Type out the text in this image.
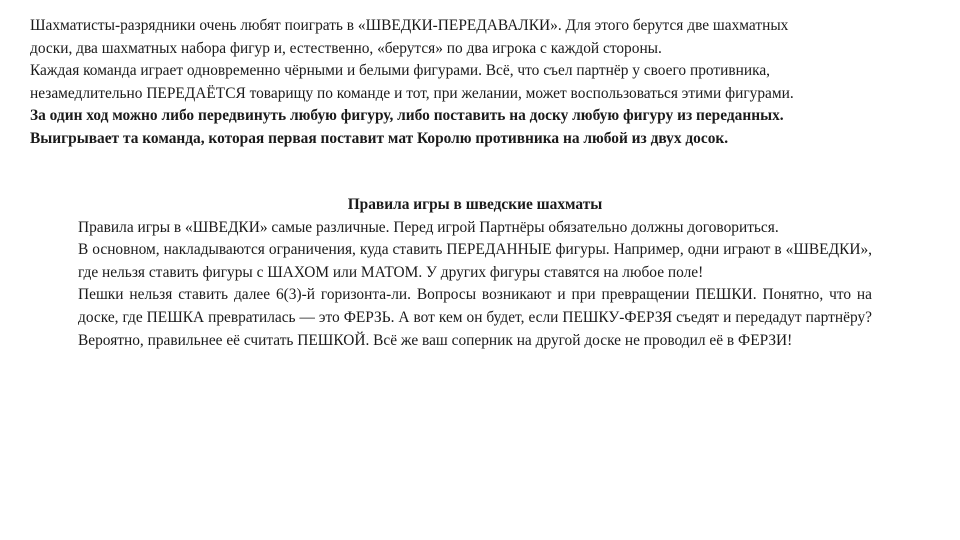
Шахматисты-разрядники очень любят поиграть в «ШВЕДКИ-ПЕРЕДАВАЛКИ». Для этого берутся две шахматных

доски, два шахматных набора фигур и, естественно, «берутся» по два игрока с каждой стороны.

Каждая команда играет одновременно чёрными и белыми фигурами. Всё, что съел партнёр у своего противника,

незамедлительно ПЕРЕДАЁТСЯ товарищу по команде и тот, при желании, может воспользоваться этими фигурами.

За один ход можно либо передвинуть любую фигуру, либо поставить на доску любую фигуру из переданных.

Выигрывает та команда, которая первая поставит мат Королю противника на любой из двух досок.

Правила игры в шведские шахматы

Правила игры в «ШВЕДКИ» самые различные. Перед игрой Партнёры обязательно должны договориться.

В основном, накладываются ограничения, куда ставить ПЕРЕДАННЫЕ фигуры. Например, одни играют в «ШВЕДКИ», где нельзя ставить фигуры с ШАХОМ или МАТОМ. У других фигуры ставятся на любое поле!

Пешки нельзя ставить далее 6(3)-й горизонта-ли. Вопросы возникают и при превращении ПЕШКИ. Понятно, что на доске, где ПЕШКА превратилась — это ФЕРЗЬ. А вот кем он будет, если ПЕШКУ-ФЕРЗЯ съедят и передадут партнёру? Вероятно, правильнее её считать ПЕШКОЙ. Всё же ваш соперник на другой доске не проводил её в ФЕРЗИ!
